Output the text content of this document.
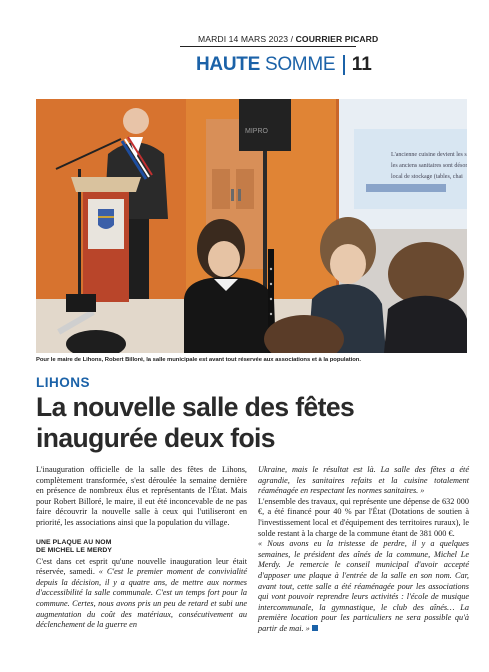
MARDI 14 MARS 2023 / COURRIER PICARD
HAUTE SOMME 11
L'ancienne cuisine devient les s
les anciens sanitaires sont désor
local de stockage (tables, chai
MIPRO
Pour le maire de Lihons, Robert Billoré, la salle municipale est avant tout réservée aux associations et à la population.
LIHONS
La nouvelle salle des fêtes
inaugurée deux fois

L'inauguration officielle de la salle des fêtes de Lihons, complètement transformée, s'est déroulée la semaine dernière en présence de nombreux élus et représentants de l'État. Mais pour Robert Billoré, le maire, il eut été inconcevable de ne pas faire découvrir la nouvelle salle à ceux qui l'utiliseront en priorité, les associations ainsi que la population du village.

UNE PLAQUE AU NOM
DE MICHEL LE MERDY

C'est dans cet esprit qu'une nouvelle inauguration leur était réservée, samedi. « C'est le premier moment de convivialité depuis la décision, il y a quatre ans, de mettre aux normes d'accessibilité la salle communale. C'est un temps fort pour la commune. Certes, nous avons pris un peu de retard et subi une augmentation du coût des matériaux, consécutivement au déclenchement de la guerre en

Ukraine, mais le résultat est là. La salle des fêtes a été agrandie, les sanitaires refaits et la cuisine totalement réaménagée en respectant les normes sanitaires. »

L'ensemble des travaux, qui représente une dépense de 632 000 €, a été financé pour 40 % par l'État (Dotations de soutien à l'investissement local et d'équipement des territoires ruraux), le solde restant à la charge de la commune étant de 381 000 €.

« Nous avons eu la tristesse de perdre, il y a quelques semaines, le président des aînés de la commune, Michel Le Merdy. Je remercie le conseil municipal d'avoir accepté d'apposer une plaque à l'entrée de la salle en son nom. Car, avant tout, cette salle a été réaménagée pour les associations qui vont pouvoir reprendre leurs activités : l'école de musique intercommunale, la gymnastique, le club des aînés… La première location pour les particuliers ne sera possible qu'à partir de mai. »
